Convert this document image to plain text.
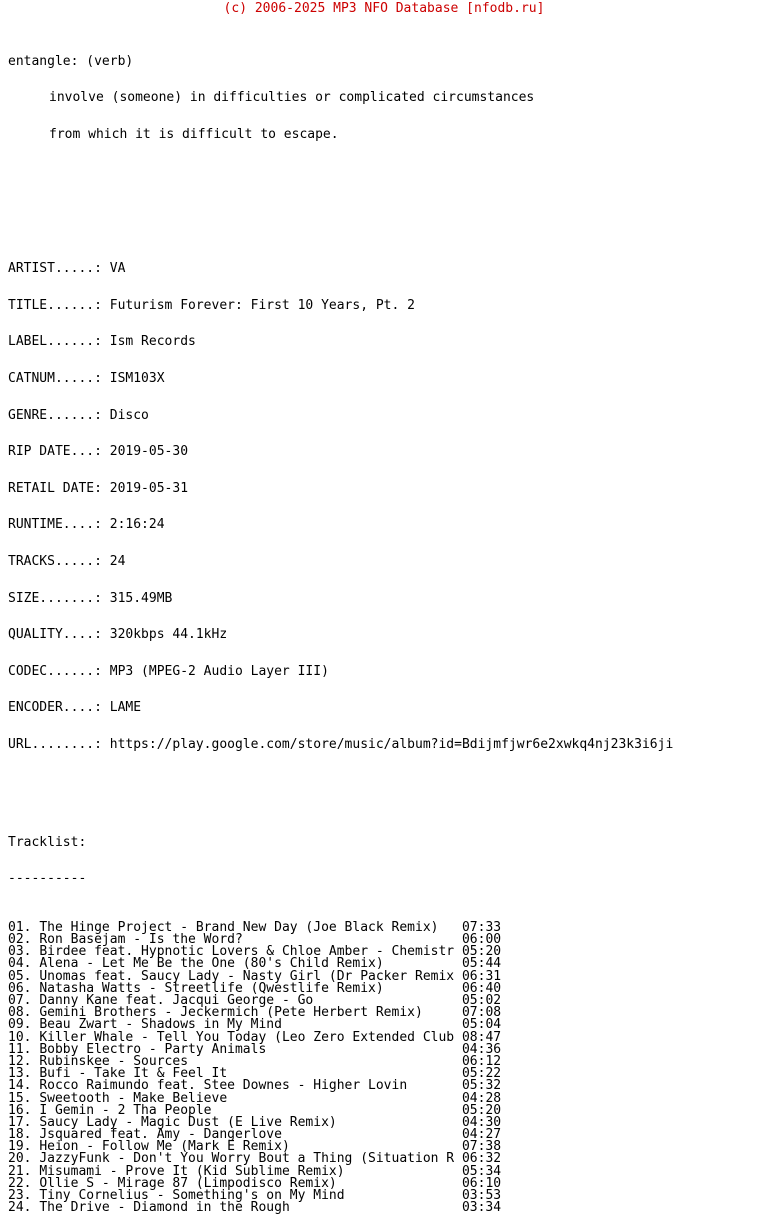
(c) 2006-2025 MP3 NFO Database [nfodb.ru]

entangle: (verb)

involve (someone) in difficulties or complicated circumstances

from which it is difficult to escape.

ARTIST.....: VA

TITLE......: Futurism Forever: First 10 Years, Pt. 2

LABEL......: Ism Records

CATNUM.....: ISM103X

GENRE......: Disco

RIP DATE...: 2019-05-30

RETAIL DATE: 2019-05-31

RUNTIME....: 2:16:24

TRACKS.....: 24

SIZE.......: 315.49MB

QUALITY....: 320kbps 44.1kHz

CODEC......: MP3 (MPEG-2 Audio Layer III)

ENCODER....: LAME

URL........: https://play.google.com/store/music/album?id=Bdijmfjwr6e2xwkq4nj23k3i6ji

Tracklist:

----------

01. The Hinge Project - Brand New Day (Joe Black Remix) 07:33
02. Ron Basejam - Is the Word?	06:00
03. Birdee feat. Hypnotic Lovers & Chloe Amber - Chemistr 05:20
04. Alena - Let Me Be the One (80's Child Remix)	05:44
05. Unomas feat. Saucy Lady - Nasty Girl (Dr Packer Remix 06:31
06. Natasha Watts - Streetlife (Qwestlife Remix)	06:40
07. Danny Kane feat. Jacqui George - Go	05:02
08. Gemini Brothers - Jeckermich (Pete Herbert Remix)	07:08
09. Beau Zwart - Shadows in My Mind	05:04
10. Killer Whale - Tell You Today (Leo Zero Extended Club 08:47
11. Bobby Electro - Party Animals	04:36
12. Rubinskee - Sources	06:12
13. Bufi - Take It & Feel It	05:22
14. Rocco Raimundo feat. Stee Downes - Higher Lovin	05:32
15. Sweetooth - Make Believe	04:28
16. I Gemin - 2 Tha People	05:20
17. Saucy Lady - Magic Dust (E Live Remix)	04:30
18. Jsquared feat. Amy - Dangerlove	04:27
19. Heion - Follow Me (Mark E Remix)	07:38
20. JazzyFunk - Don't You Worry Bout a Thing (Situation R 06:32
21. Misumami - Prove It (Kid Sublime Remix)	05:34
22. Ollie S - Mirage 87 (Limpodisco Remix)	06:10
23. Tiny Cornelius - Something's on My Mind	03:53
24. The Drive - Diamond in the Rough	03:34
